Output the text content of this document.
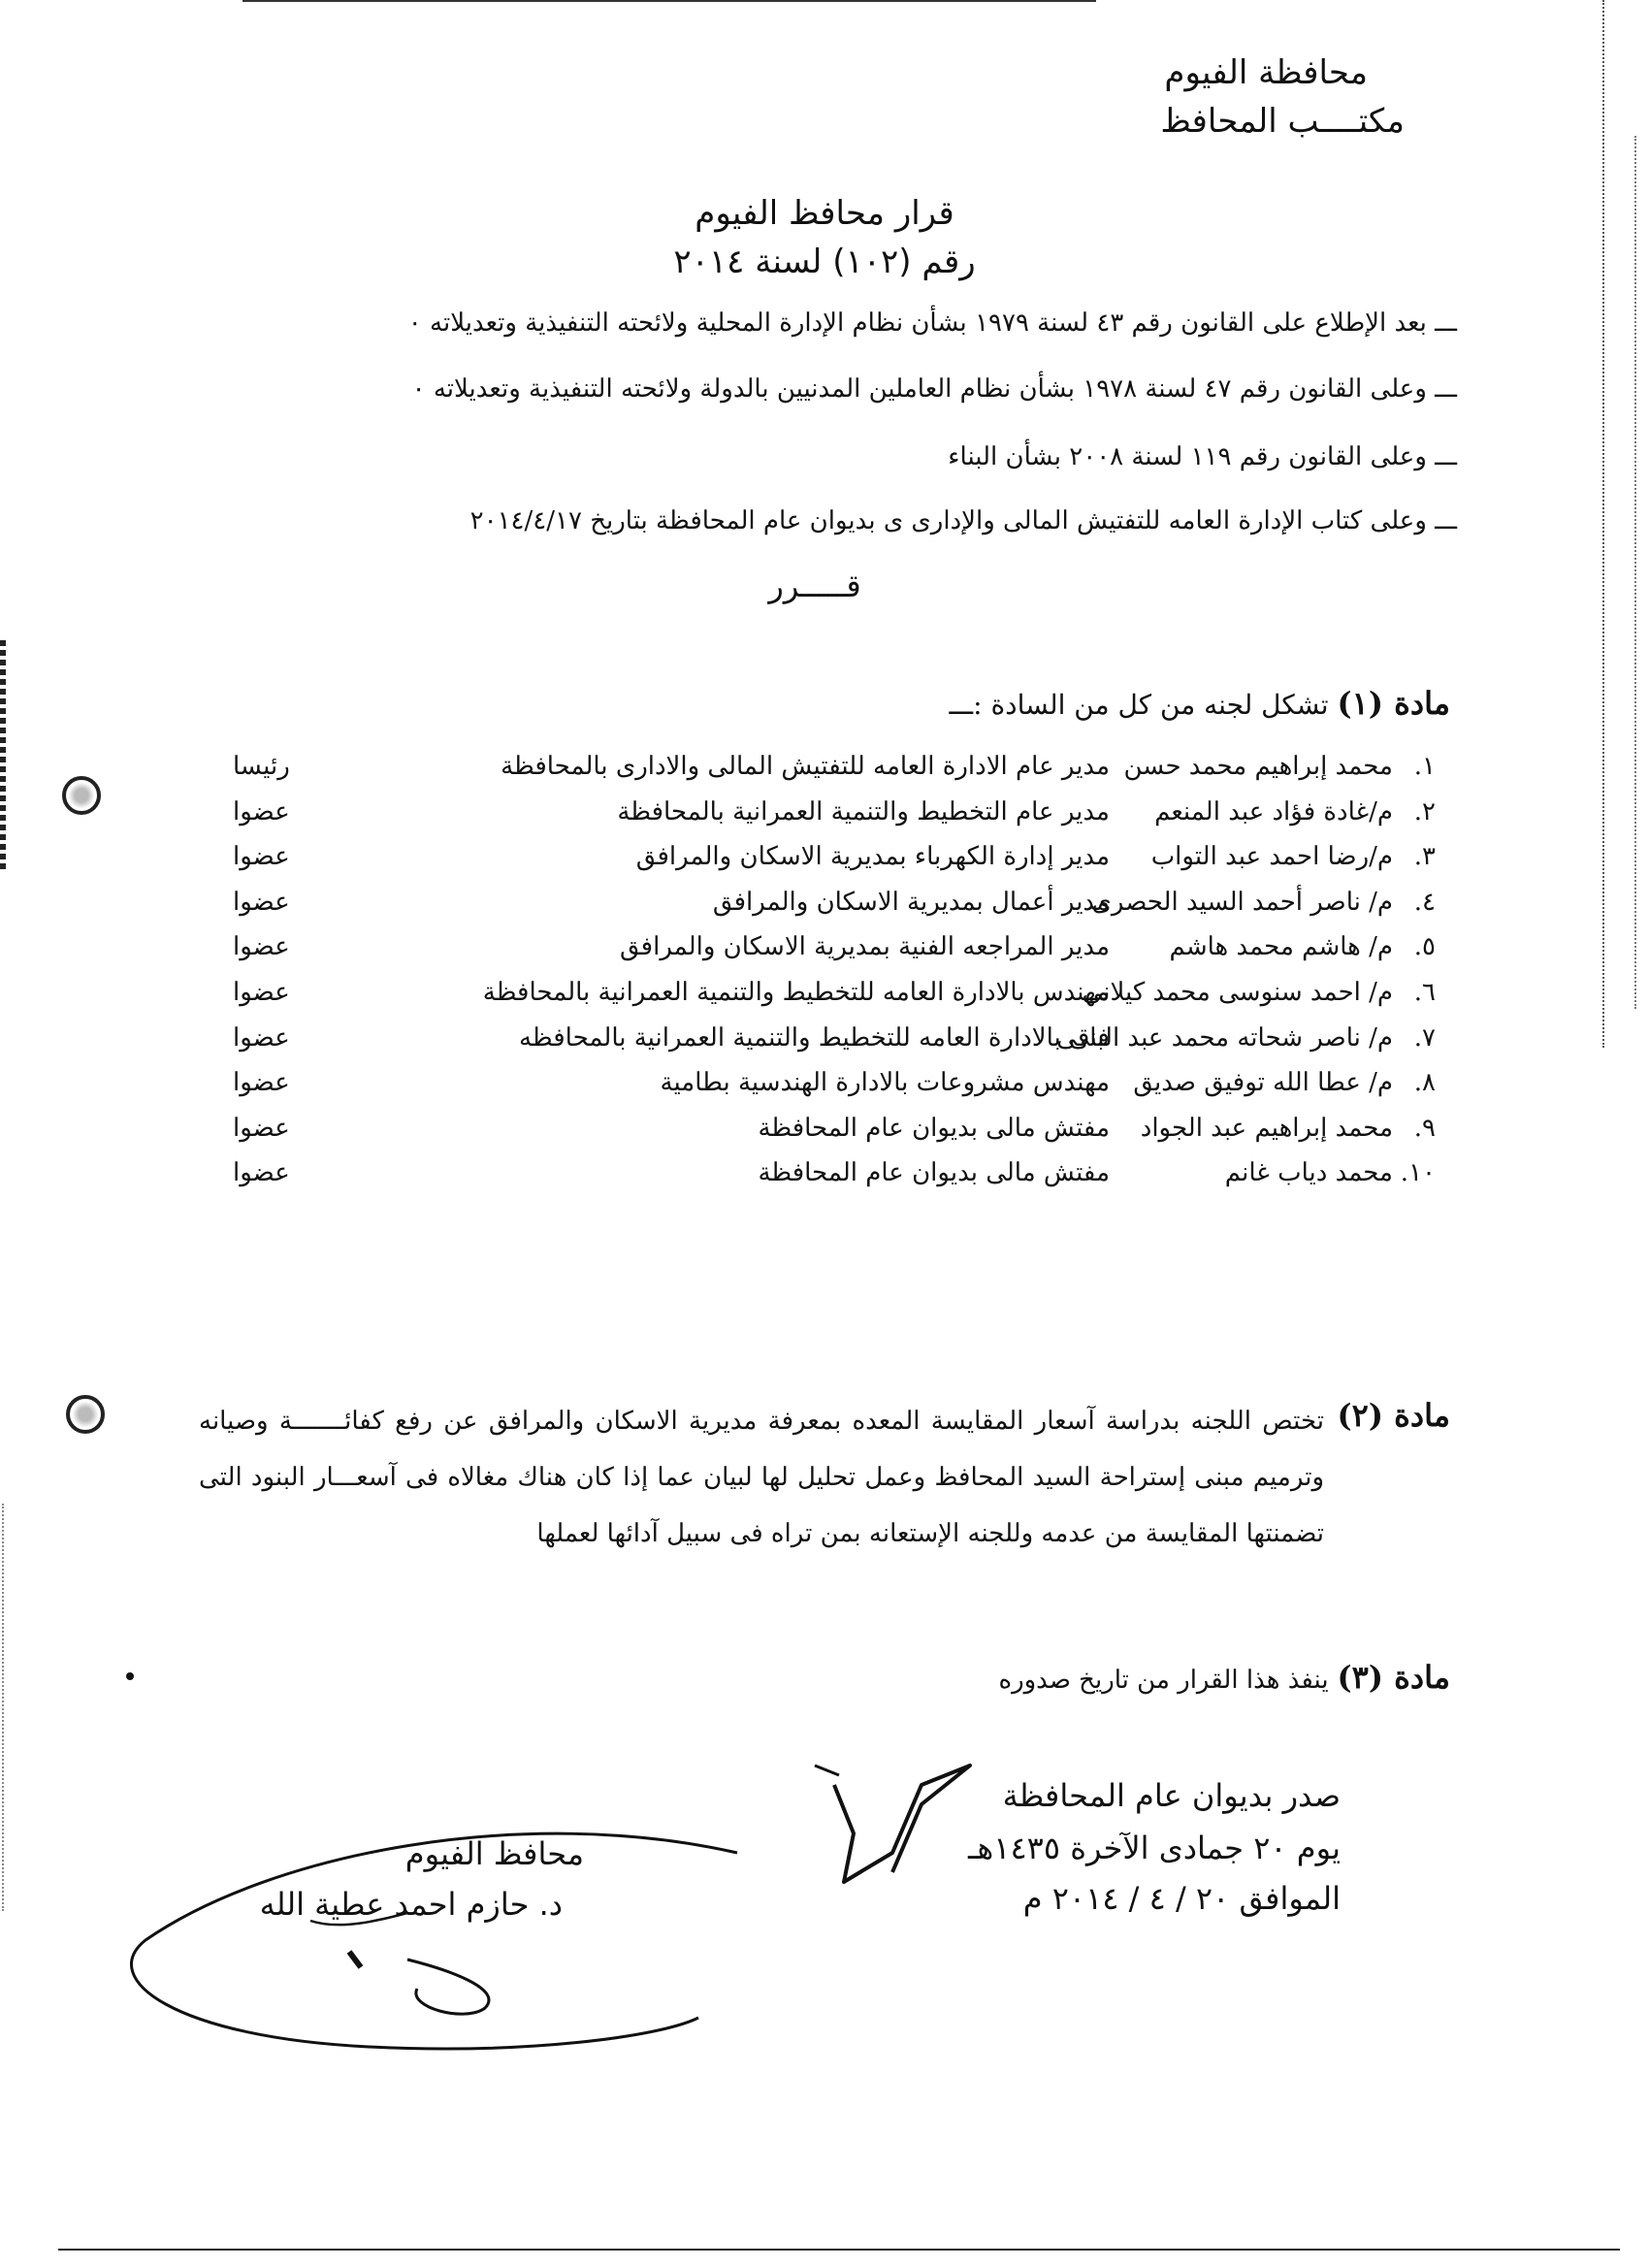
محافظة الفيوم
مكتــــب المحافظ
قرار محافظ الفيوم
رقم (١٠٢) لسنة ٢٠١٤
ـــ بعد الإطلاع على القانون رقم ٤٣ لسنة ١٩٧٩ بشأن نظام الإدارة المحلية ولائحته التنفيذية وتعديلاته ٠
ـــ وعلى القانون رقم ٤٧ لسنة ١٩٧٨ بشأن نظام العاملين المدنيين بالدولة ولائحته التنفيذية وتعديلاته ٠
ـــ وعلى القانون رقم ١١٩ لسنة ٢٠٠٨ بشأن البناء
ـــ وعلى كتاب الإدارة العامه للتفتيش المالى والإدارى ى بديوان عام المحافظة بتاريخ ٢٠١٤/٤/١٧
قـــــرر
مادة (١) تشكل لجنه من كل من السادة :ـــ
١.
محمد إبراهيم محمد حسن
مدير عام الادارة العامه للتفتيش المالى والادارى بالمحافظة
رئيسا
٢.
م/غادة فؤاد عبد المنعم
مدير عام التخطيط والتنمية العمرانية بالمحافظة
عضوا
٣.
م/رضا احمد عبد التواب
مدير إدارة الكهرباء بمديرية الاسكان والمرافق
عضوا
٤.
م/ ناصر أحمد السيد الحصرى
مدير أعمال بمديرية الاسكان والمرافق
عضوا
٥.
م/ هاشم محمد هاشم
مدير المراجعه الفنية بمديرية الاسكان والمرافق
عضوا
٦.
م/ احمد سنوسى محمد كيلانى
مهندس بالادارة العامه للتخطيط والتنمية العمرانية بالمحافظة
عضوا
٧.
م/ ناصر شحاته محمد عبد الباقى
فنى بالادارة العامه للتخطيط والتنمية العمرانية بالمحافظه
عضوا
٨.
م/ عطا الله توفيق صديق
مهندس مشروعات بالادارة الهندسية بطامية
عضوا
٩.
محمد إبراهيم عبد الجواد
مفتش مالى بديوان عام المحافظة
عضوا
١٠.
محمد دياب غانم
مفتش مالى بديوان عام المحافظة
عضوا
مادة (٢)
تختص اللجنه بدراسة آسعار المقايسة المعده بمعرفة مديرية الاسكان والمرافق عن رفع كفائـــــــة وصيانه وترميم مبنى إستراحة السيد المحافظ وعمل تحليل لها لبيان عما إذا كان هناك مغالاه فى آسعـــار البنود التى تضمنتها المقايسة من عدمه وللجنه الإستعانه بمن تراه فى سبيل آدائها لعملها
مادة (٣) ينفذ هذا القرار من تاريخ صدوره
صدر بديوان عام المحافظة
يوم ٢٠ جمادى الآخرة ١٤٣٥هـ
الموافق ٢٠ / ٤ / ٢٠١٤ م
محافظ الفيوم
د. حازم احمد عطية الله
